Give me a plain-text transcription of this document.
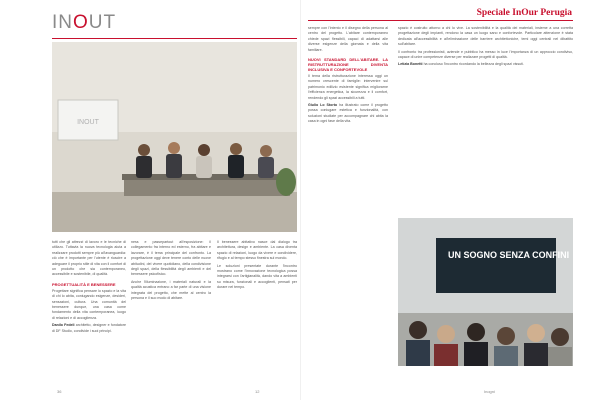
INOUT	Speciale InOur Perugia
INOUT
UN SOGNO SENZA CONFINI

tutti che gli attrezzi di lavoro e le tecniche di utilizzo. Tuttavia la nuova tecnologia aiuta a realizzare prodotti sempre più all'avanguardia: ciò che è importante per l'utente è riuscire a adeguare il proprio stile di vita con il comfort di un prodotto che sia contemporaneo, accessibile e sostenibile, di qualità.

PROGETTUALITÀ E BENESSERE

Progettare significa pensare lo spazio e la vita di chi lo abita, coniugando esigenze, desideri, sensazioni, cultura. Una comunità del benessere dunque, una casa come fondamento della vita contemporanea, luogo di relazioni e di accoglienza.

Danilo Fedeli architetto, designer e fondatore di DF Studio, condivide i suoi principi.

ness e passepartout all'esposizione: il collegamento fra interno ed esterno, fra abitare e lavorare, è il tema principale del confronto. La progettazione oggi deve tenere conto delle nuove abitudini, del vivere quotidiano, della condivisione degli spazi, della flessibilità degli ambienti e del benessere psicofisico.

Anche l'illuminazione, i materiali naturali e la qualità acustica entrano a far parte di una visione integrata del progetto, che mette al centro la persona e il suo modo di abitare.

Il benessere abitativo nasce dal dialogo tra architettura, design e ambiente. La casa diventa spazio di relazioni, luogo da vivere e condividere, rifugio e al tempo stesso finestra sul mondo.

Le soluzioni presentate durante l'incontro mostrano come l'innovazione tecnologica possa integrarsi con l'artigianalità, dando vita a ambienti su misura, funzionali e accoglienti, pensati per durare nel tempo.

sempre con l'intento e il disegno della persona al centro del progetto. L'abitare contemporaneo chiede spazi flessibili, capaci di adattarsi alle diverse esigenze della giornata e della vita familiare.

NUOVI STANDARD DELL'ABITARE. LA RISTRUTTURAZIONE DIVENTA INCLUSIVA E CONFORTEVOLE

Il tema della ristrutturazione interessa oggi un numero crescente di famiglie: intervenire sul patrimonio edilizio esistente significa migliorarne l'efficienza energetica, la sicurezza e il comfort, rendendo gli spazi accessibili a tutti.

Giulio Lo Storto ha illustrato come il progetto possa coniugare estetica e funzionalità, con soluzioni studiate per accompagnare chi abita la casa in ogni fase della vita.

spazio è costruito attorno a chi lo vive. La sostenibilità e la qualità dei materiali, insieme a una corretta progettazione degli impianti, rendono la casa un luogo sano e confortevole. Particolare attenzione è stata dedicata all'accessibilità e all'eliminazione delle barriere architettoniche, temi oggi centrali nel dibattito sull'abitare.

Il confronto tra professionisti, aziende e pubblico ha messo in luce l'importanza di un approccio condiviso, capace di unire competenze diverse per realizzare progetti di qualità.

Letizia Bonetti ha concluso l'incontro ricordando la bellezza degli spazi vissuti.

36	12	Inogni
